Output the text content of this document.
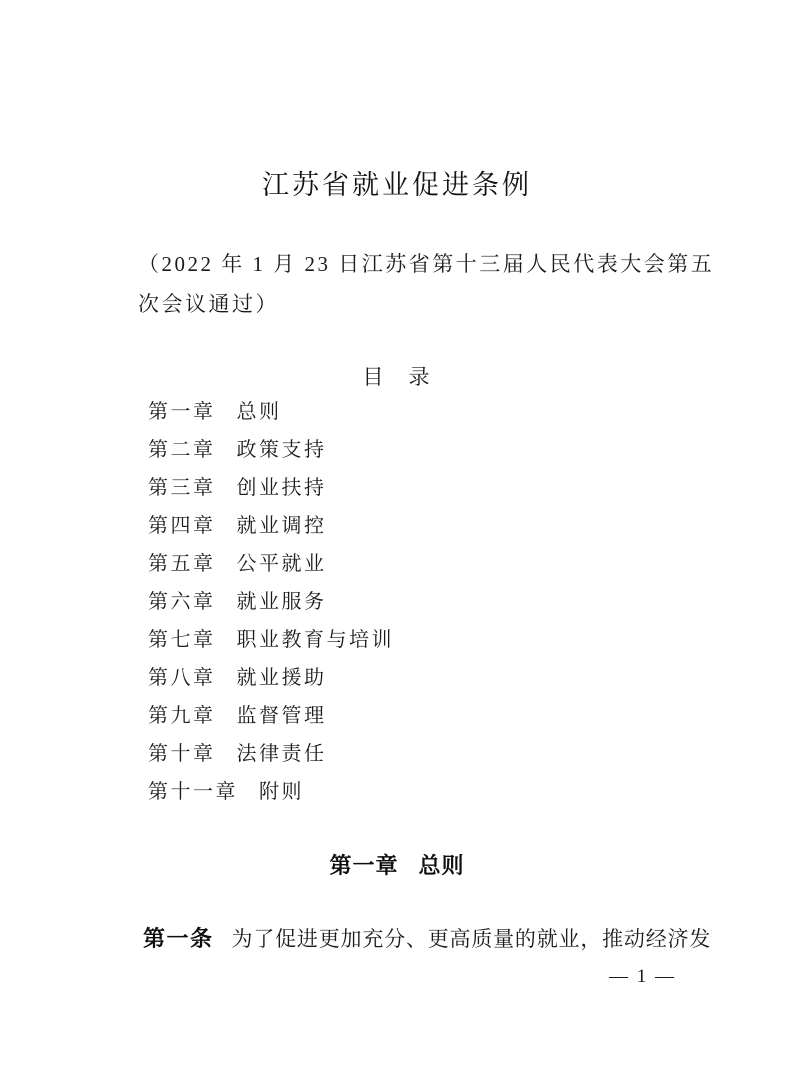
江苏省就业促进条例
（2022 年 1 月 23 日江苏省第十三届人民代表大会第五
次会议通过）
目　录
第一章 总则
第二章 政策支持
第三章 创业扶持
第四章 就业调控
第五章 公平就业
第六章 就业服务
第七章 职业教育与培训
第八章 就业援助
第九章 监督管理
第十章 法律责任
第十一章 附则
第一章 总则

第一条 为了促进更加充分、更高质量的就业，推动经济发

— 1 —
